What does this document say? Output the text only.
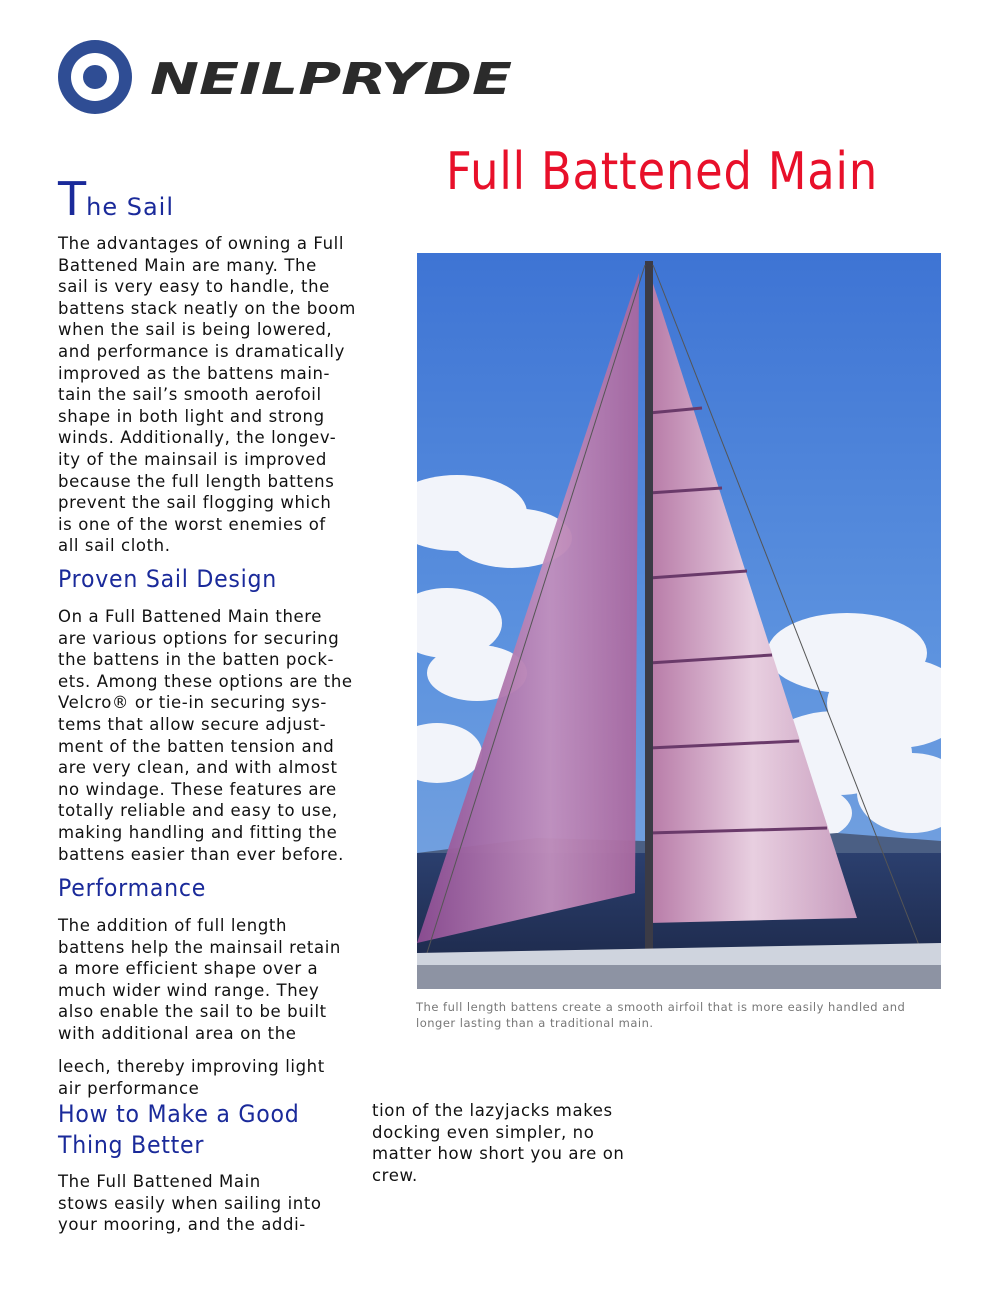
NEILPRYDE
Full Battened Main
The Sail
The advantages of owning a Full
Battened Main are many. The
sail is very easy to handle, the
battens stack neatly on the boom
when the sail is being lowered,
and performance is dramatically
improved as the battens main-
tain the sail’s smooth aerofoil
shape in both light and strong
winds. Additionally, the longev-
ity of the mainsail is improved
because the full length battens
prevent the sail flogging which
is one of the worst enemies of
all sail cloth.
Proven Sail Design
On a Full Battened Main there
are various options for securing
the battens in the batten pock-
ets. Among these options are the
Velcro® or tie-in securing sys-
tems that allow secure adjust-
ment of the batten tension and
are very clean, and with almost
no windage. These features are
totally reliable and easy to use,
making handling and fitting the
battens easier than ever before.
Performance
The addition of full length
battens help the mainsail retain
a more efficient shape over a
much wider wind range. They
also enable the sail to be built
with additional area on the
leech, thereby improving light
air performance
How to Make a Good
Thing Better
The Full Battened Main
stows easily when sailing into
your mooring, and the addi-
tion of the lazyjacks makes
docking even simpler, no
matter how short you are on
crew.

The full length battens create a smooth airfoil that is more easily handled and longer lasting than a traditional main.
